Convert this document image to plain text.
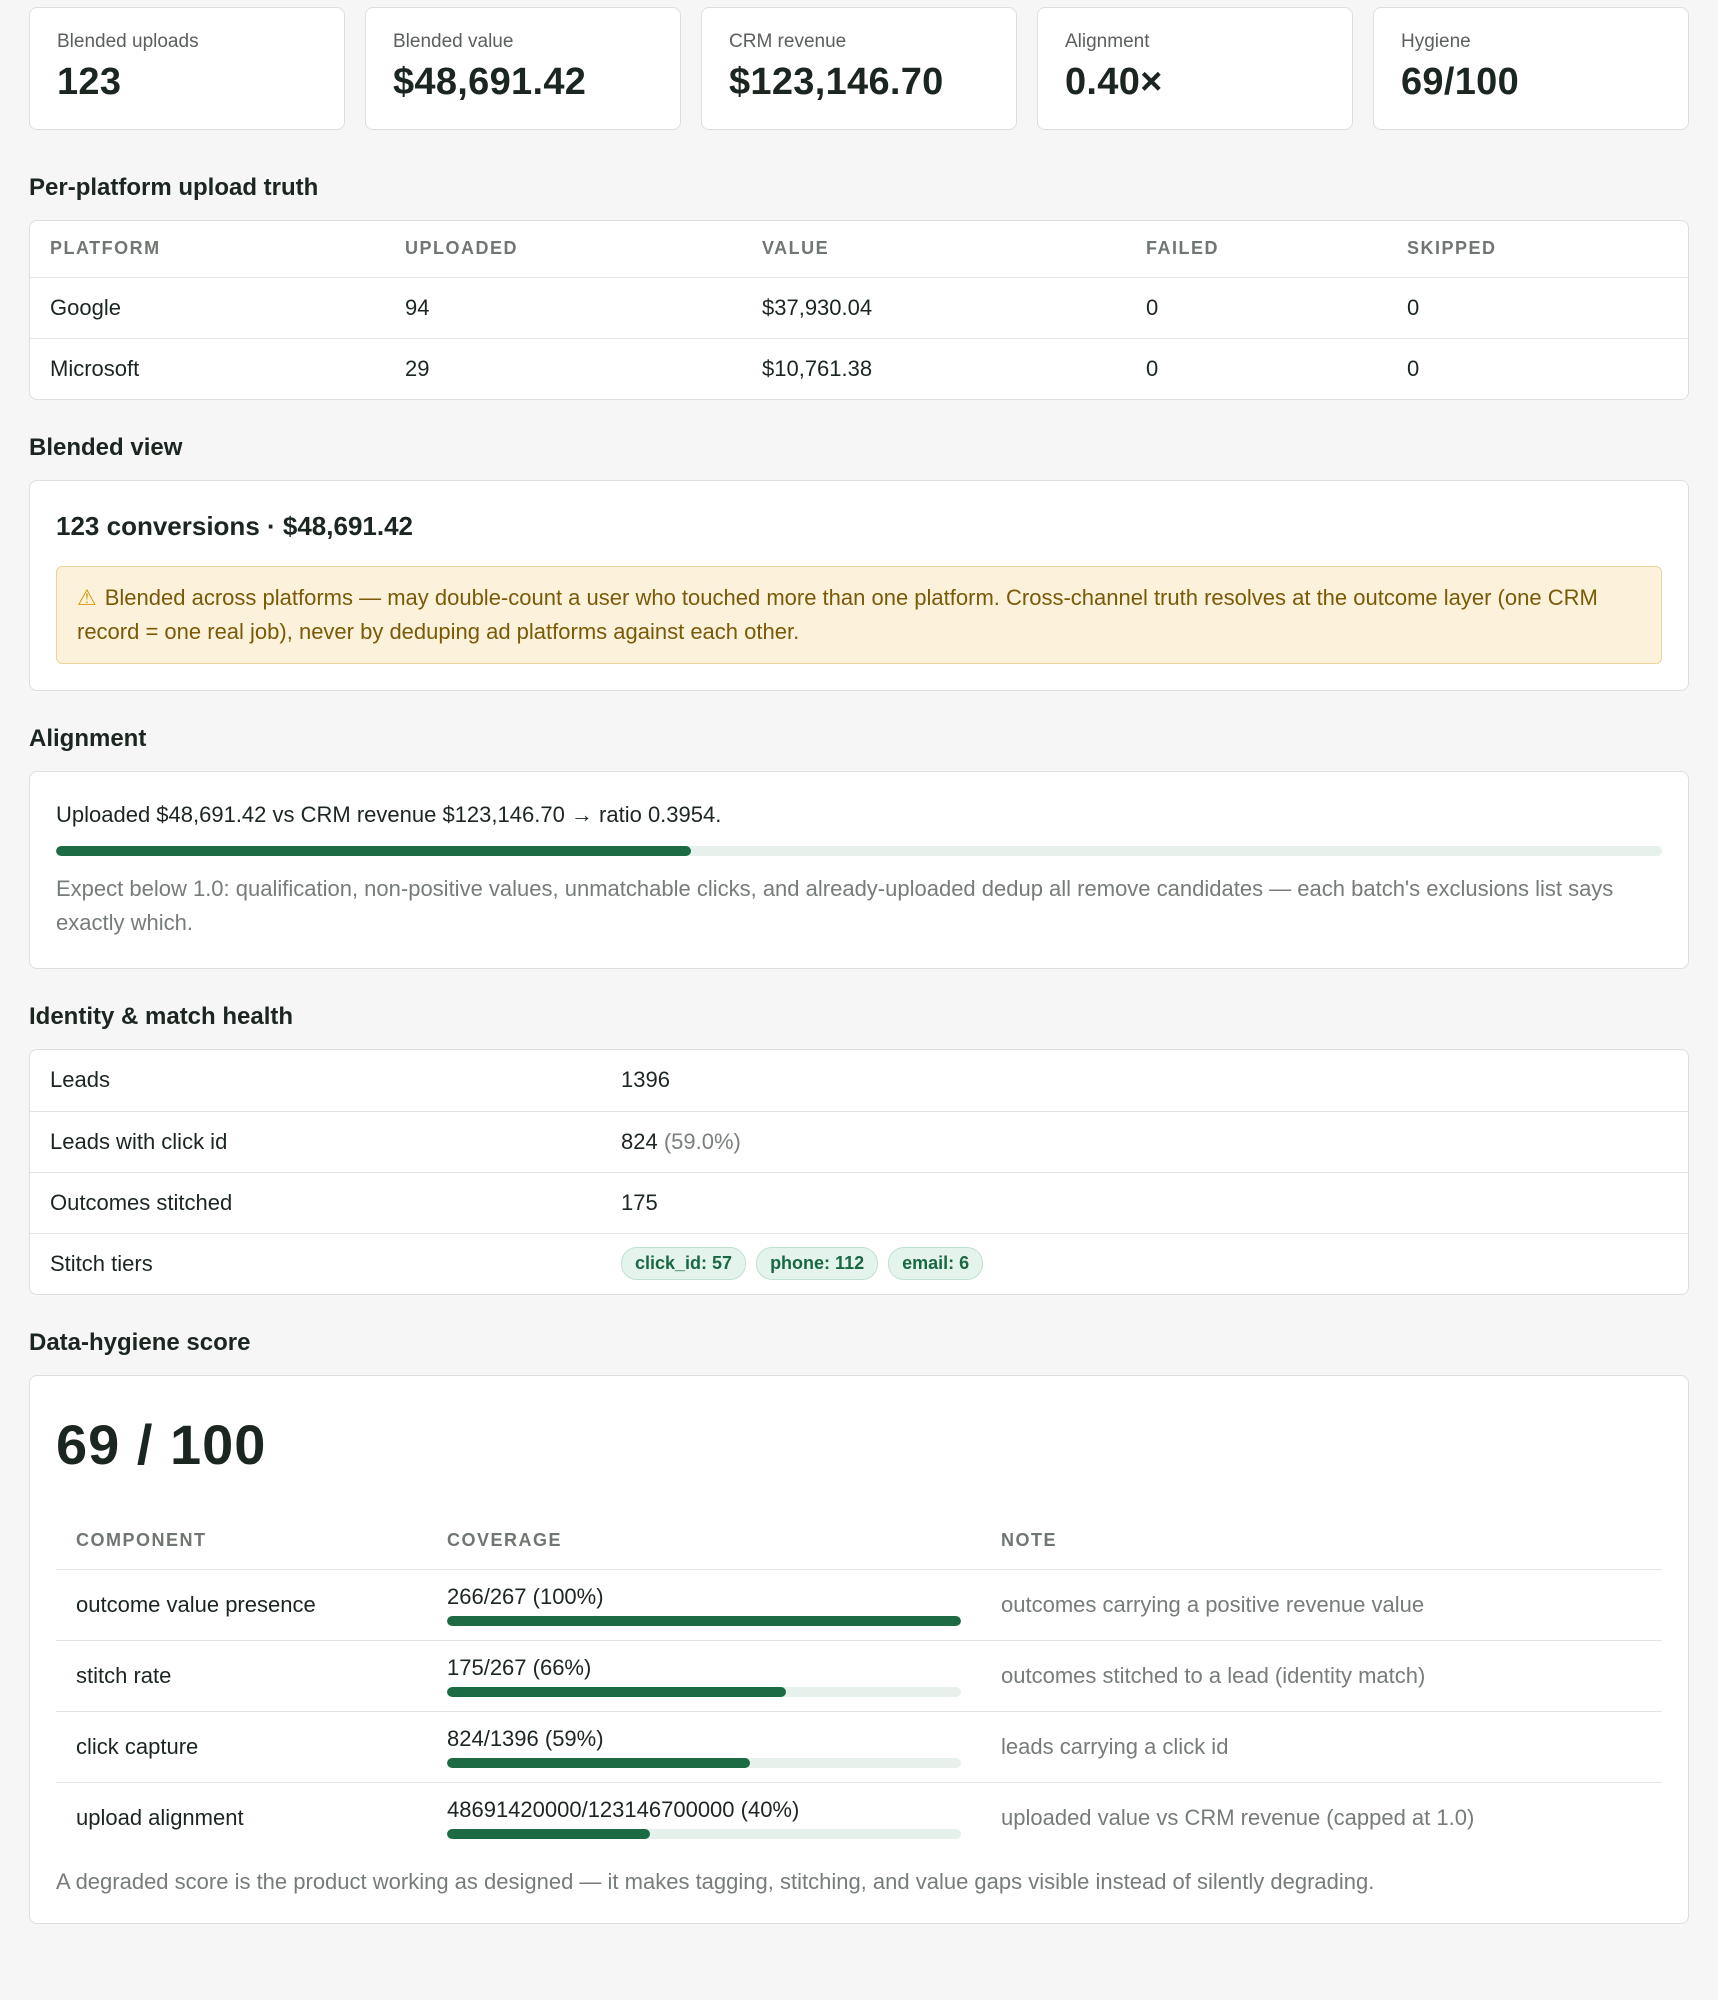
Blended uploads
123
Blended value
$48,691.42
CRM revenue
$123,146.70
Alignment
0.40×
Hygiene
69/100
Per-platform upload truth
PLATFORM	UPLOADED	VALUE	FAILED	SKIPPED
Google	94	$37,930.04	0	0
Microsoft	29	$10,761.38	0	0
Blended view
123 conversions · $48,691.42
⚠ Blended across platforms — may double-count a user who touched more than one platform. Cross-channel truth resolves at the outcome layer (one CRM record = one real job), never by deduping ad platforms against each other.
Alignment
Uploaded $48,691.42 vs CRM revenue $123,146.70 → ratio 0.3954.
Expect below 1.0: qualification, non-positive values, unmatchable clicks, and already-uploaded dedup all remove candidates — each batch's exclusions list says exactly which.
Identity & match health
Leads	1396
Leads with click id	824 (59.0%)
Outcomes stitched	175
Stitch tiers	click_id: 57 phone: 112 email: 6
Data-hygiene score
69 / 100
COMPONENT	COVERAGE	NOTE
outcome value presence	266/267 (100%)	outcomes carrying a positive revenue value
stitch rate	175/267 (66%)	outcomes stitched to a lead (identity match)
click capture	824/1396 (59%)	leads carrying a click id
upload alignment	48691420000/123146700000 (40%)	uploaded value vs CRM revenue (capped at 1.0)
A degraded score is the product working as designed — it makes tagging, stitching, and value gaps visible instead of silently degrading.
